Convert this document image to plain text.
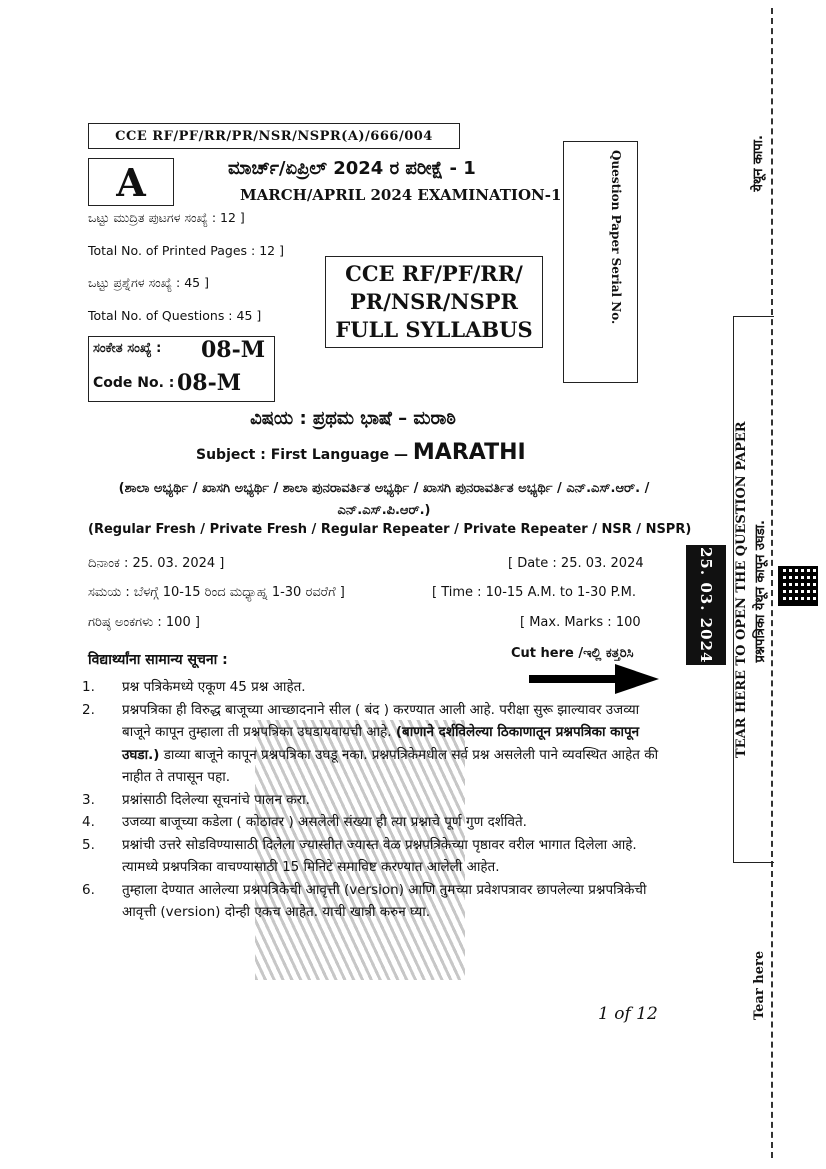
CCE RF/PF/RR/PR/NSR/NSPR(A)/666/004
A	ಮಾರ್ಚ್/ಏಪ್ರಿಲ್ 2024 ರ ಪರೀಕ್ಷೆ - 1
MARCH/APRIL 2024 EXAMINATION-1
ಒಟ್ಟು ಮುದ್ರಿತ ಪುಟಗಳ ಸಂಖ್ಯೆ : 12 ]
Total No. of Printed Pages : 12 ]
ಒಟ್ಟು ಪ್ರಶ್ನೆಗಳ ಸಂಖ್ಯೆ : 45 ]
Total No. of Questions : 45 ]
CCE RF/PF/RR/
PR/NSR/NSPR
FULL SYLLABUS
ಸಂಕೇತ ಸಂಖ್ಯೆ : 08-M
Code No. : 08-M
Question Paper Serial No.
ವಿಷಯ : ಪ್ರಥಮ ಭಾಷೆ – ಮರಾಠಿ
Subject : First Language — MARATHI
(ಶಾಲಾ ಅಭ್ಯರ್ಥಿ / ಖಾಸಗಿ ಅಭ್ಯರ್ಥಿ / ಶಾಲಾ ಪುನರಾವರ್ತಿತ ಅಭ್ಯರ್ಥಿ / ಖಾಸಗಿ ಪುನರಾವರ್ತಿತ ಅಭ್ಯರ್ಥಿ / ಎನ್.ಎಸ್.ಆರ್. / ಎನ್.ಎಸ್.ಪಿ.ಆರ್.)
(Regular Fresh / Private Fresh / Regular Repeater / Private Repeater / NSR / NSPR)
ದಿನಾಂಕ : 25. 03. 2024 ]	[ Date : 25. 03. 2024
ಸಮಯ : ಬೆಳಗ್ಗೆ 10-15 ರಿಂದ ಮಧ್ಯಾಹ್ನ 1-30 ರವರೆಗೆ ]	[ Time : 10-15 A.M. to 1-30 P.M.
ಗರಿಷ್ಠ ಅಂಕಗಳು : 100 ]	[ Max. Marks : 100
विद्यार्थ्यांना सामान्य सूचना :	Cut here /ಇಲ್ಲಿ ಕತ್ತರಿಸಿ
1. प्रश्न पत्रिकेमध्ये एकूण 45 प्रश्न आहेत.
2. प्रश्नपत्रिका ही विरुद्ध बाजूच्या आच्छादनाने सील ( बंद ) करण्यात आली आहे. परीक्षा सुरू झाल्यावर उजव्या बाजूने कापून तुम्हाला ती प्रश्नपत्रिका उघडायवायची आहे. (बाणाने दर्शविलेल्या ठिकाणातून प्रश्नपत्रिका कापून उघडा.) डाव्या बाजूने कापून प्रश्नपत्रिका उघडू नका. प्रश्नपत्रिकेमधील सर्व प्रश्न असलेली पाने व्यवस्थित आहेत की नाहीत ते तपासून पहा.
3. प्रश्नांसाठी दिलेल्या सूचनांचे पालन करा.
4. उजव्या बाजूच्या कडेला ( कोठावर ) असलेली संख्या ही त्या प्रश्नाचे पूर्ण गुण दर्शविते.
5. प्रश्नांची उत्तरे सोडविण्यासाठी दिलेला ज्यास्तीत ज्यास्त वेळ प्रश्नपत्रिकेच्या पृष्ठावर वरील भागात दिलेला आहे. त्यामध्ये प्रश्नपत्रिका वाचण्यासाठी 15 मिनिटे समाविष्ट करण्यात आलेली आहेत.
6. तुम्हाला देण्यात आलेल्या प्रश्नपत्रिकेची आवृत्ती (version) आणि तुमच्या प्रवेशपत्रावर छापलेल्या प्रश्नपत्रिकेची आवृत्ती (version) दोन्ही एकच आहेत. याची खात्री करुन घ्या.
1 of 12
येथून कापा.
TEAR HERE TO OPEN THE QUESTION PAPER प्रश्नपत्रिका येथून कापून उघडा.
25. 03. 2024
Tear here
